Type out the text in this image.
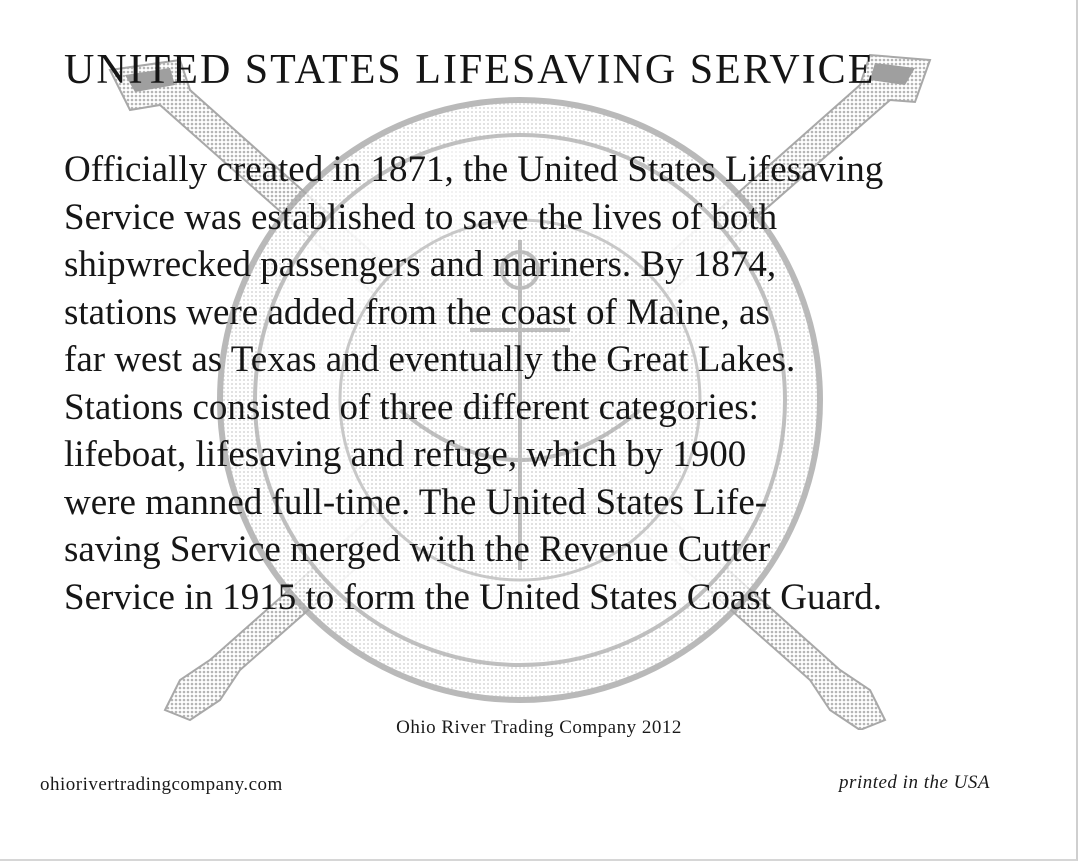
UNITED STATES LIFESAVING SERVICE
Officially created in 1871, the United States Lifesaving
Service was established to save the lives of both
shipwrecked passengers and mariners. By 1874,
stations were added from the coast of Maine, as
far west as Texas and eventually the Great Lakes.
Stations consisted of three different categories:
lifeboat, lifesaving and refuge, which by 1900
were manned full-time. The United States Life-
saving Service merged with the Revenue Cutter
Service in 1915 to form the United States Coast Guard.
Ohio River Trading Company 2012
ohiorivertradingcompany.com	printed in the USA
